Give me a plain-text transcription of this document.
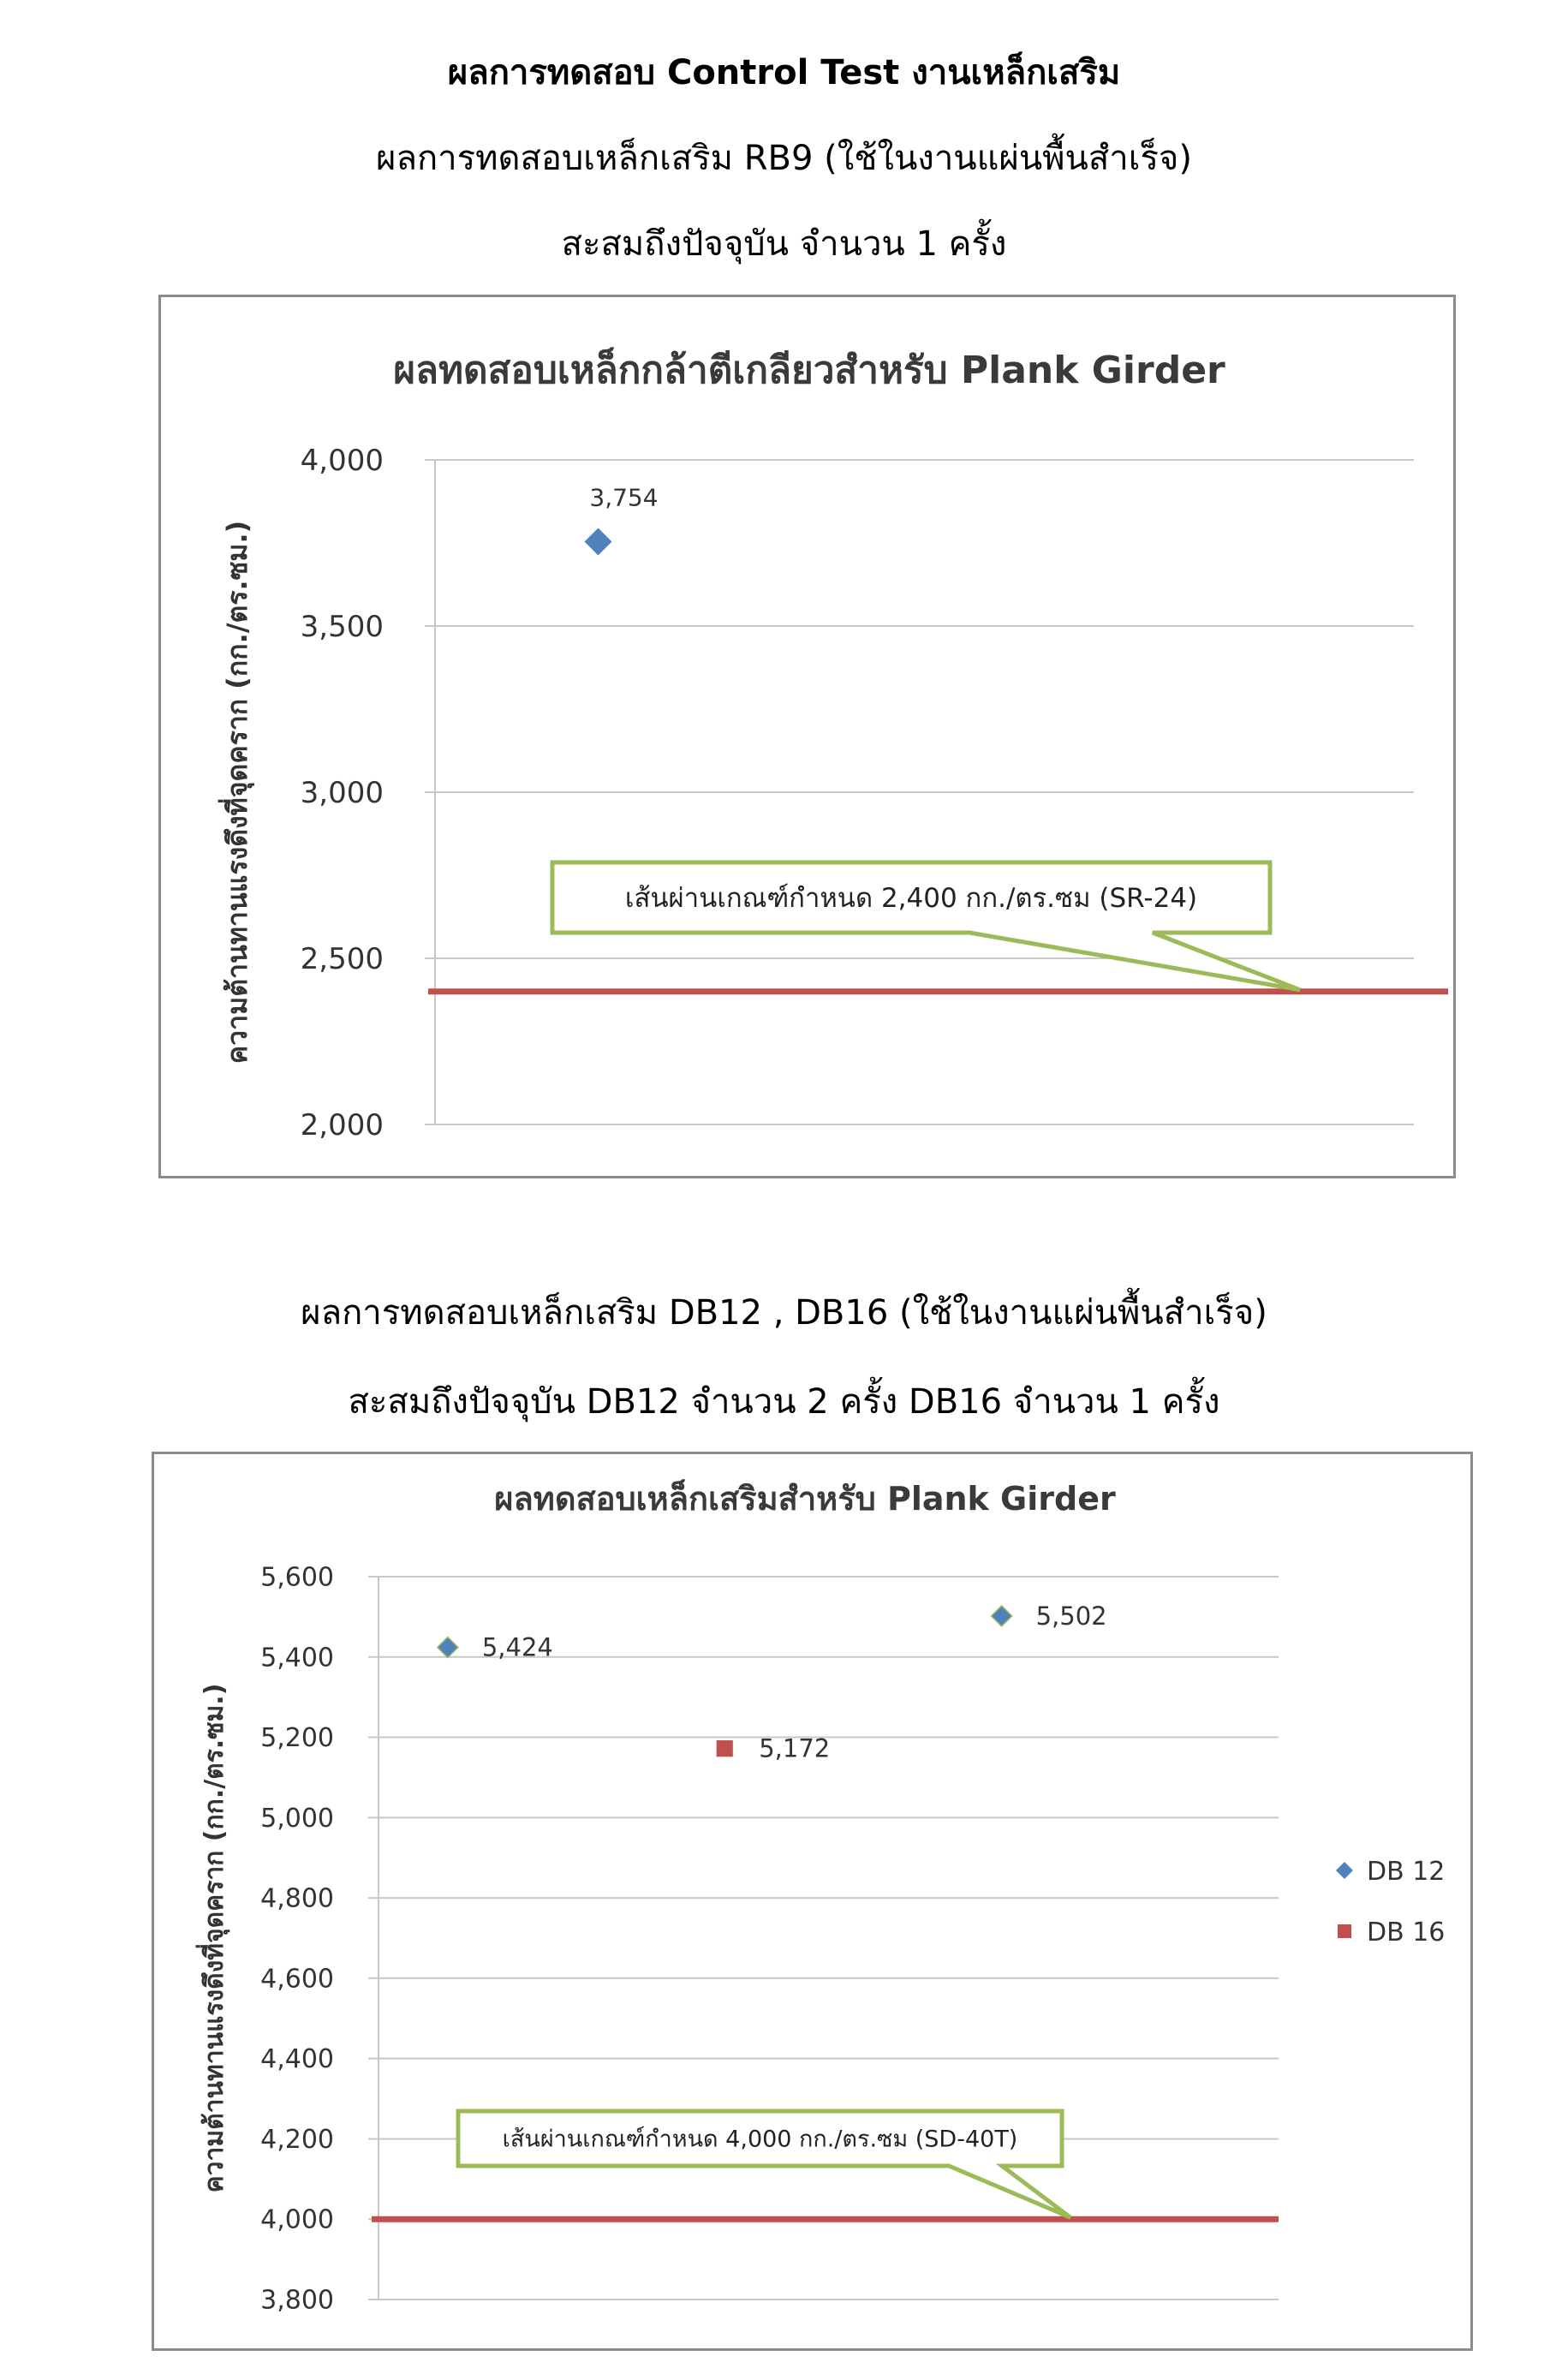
ผลการทดสอบ Control Test งานเหล็กเสริม

ผลการทดสอบเหล็กเสริม RB9 (ใช้ในงานแผ่นพื้นสำเร็จ)

สะสมถึงปัจจุบัน จำนวน 1 ครั้ง

ผลทดสอบเหล็กกล้าตีเกลียวสำหรับ Plank Girder
2,000
2,500
3,000
3,500
4,000
ความต้านทานแรงดึงที่จุดคราก (กก./ตร.ซม.)	เส้นผ่านเกณฑ์กำหนด 2,400 กก./ตร.ซม (SR-24)
3,754

ผลการทดสอบเหล็กเสริม DB12 , DB16 (ใช้ในงานแผ่นพื้นสำเร็จ)

สะสมถึงปัจจุบัน DB12 จำนวน 2 ครั้ง DB16 จำนวน 1 ครั้ง

ผลทดสอบเหล็กเสริมสำหรับ Plank Girder
3,800
4,000
4,200
4,400
4,600
4,800
5,000
5,200
5,400
5,600
ความต้านทานแรงดึงที่จุดคราก (กก./ตร.ซม.)	เส้นผ่านเกณฑ์กำหนด 4,000 กก./ตร.ซม (SD-40T)
5,424
5,502
5,172
DB 12
DB 16
